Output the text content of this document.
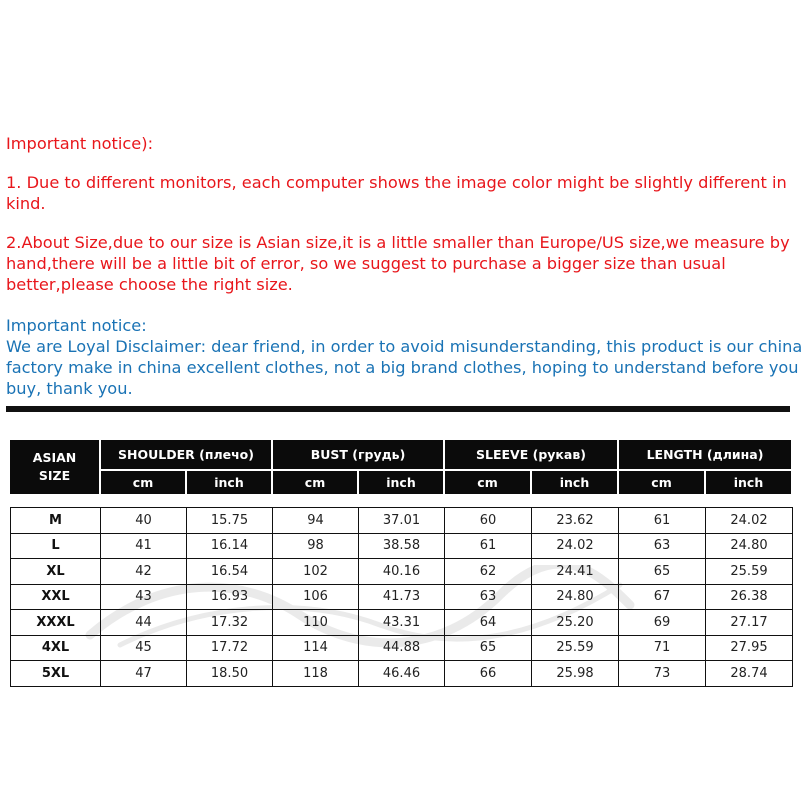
Important notice):

1. Due to different monitors, each computer shows the image color might be slightly different in kind.

2.About Size,due to our size is Asian size,it is a little smaller than Europe/US size,we measure by hand,there will be a little bit of error, so we suggest to purchase a bigger size than usual better,please choose the right size.

Important notice:
We are Loyal Disclaimer: dear friend, in order to avoid misunderstanding, this product is our china factory make in china excellent clothes, not a big brand clothes, hoping to understand before you buy, thank you.
ASIAN
SIZE	SHOULDER (плечо)		BUST (грудь)		SLEEVE (рукав)		LENGTH (длина)	
	cm	inch	cm	inch	cm	inch	cm	inch
M	40	15.75	94	37.01	60	23.62	61	24.02
L	41	16.14	98	38.58	61	24.02	63	24.80
XL	42	16.54	102	40.16	62	24.41	65	25.59
XXL	43	16.93	106	41.73	63	24.80	67	26.38
XXXL	44	17.32	110	43.31	64	25.20	69	27.17
4XL	45	17.72	114	44.88	65	25.59	71	27.95
5XL	47	18.50	118	46.46	66	25.98	73	28.74
